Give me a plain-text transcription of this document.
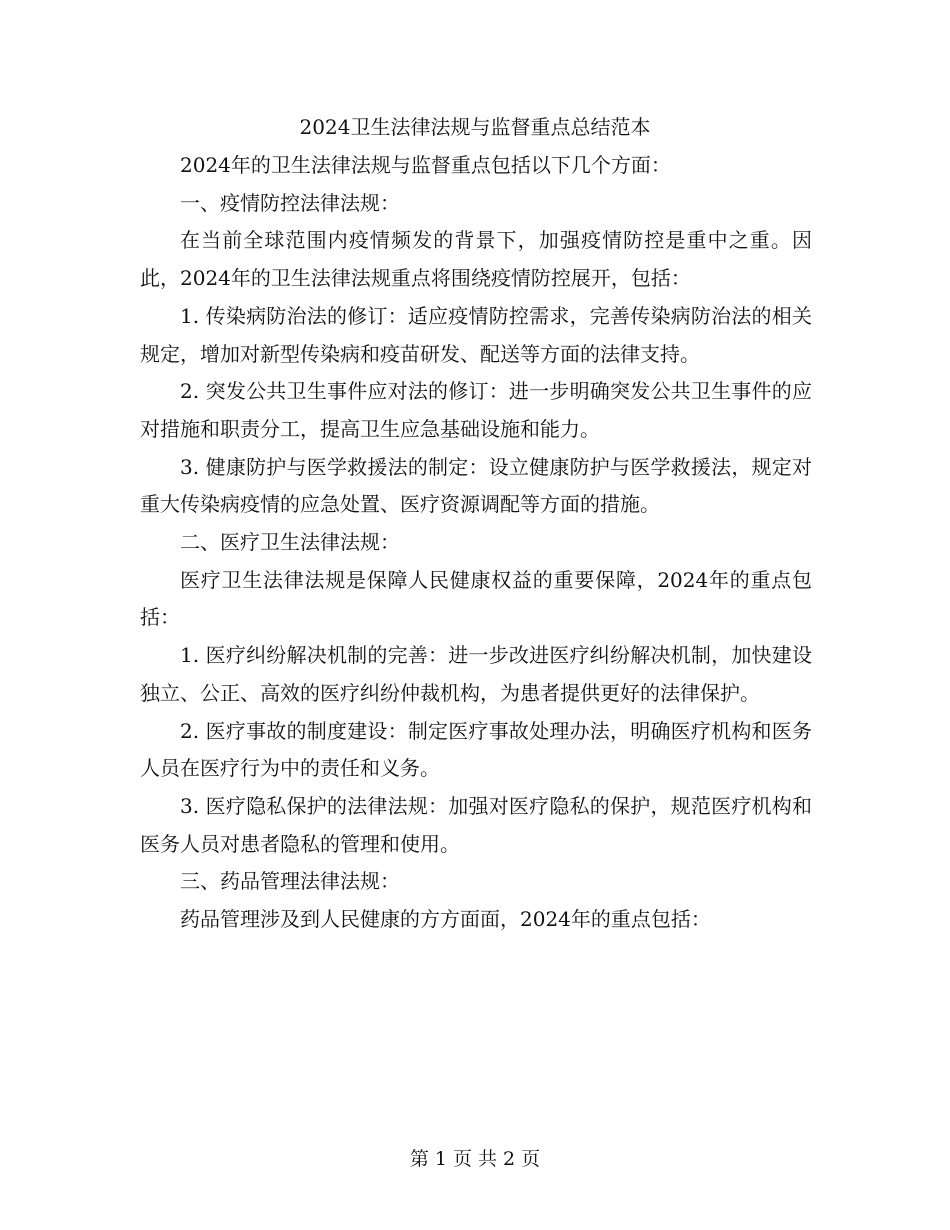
2024卫生法律法规与监督重点总结范本

2024年的卫生法律法规与监督重点包括以下几个方面：

一、疫情防控法律法规：

在当前全球范围内疫情频发的背景下，加强疫情防控是重中之重。因此，2024年的卫生法律法规重点将围绕疫情防控展开，包括：

1. 传染病防治法的修订：适应疫情防控需求，完善传染病防治法的相关规定，增加对新型传染病和疫苗研发、配送等方面的法律支持。

2. 突发公共卫生事件应对法的修订：进一步明确突发公共卫生事件的应对措施和职责分工，提高卫生应急基础设施和能力。

3. 健康防护与医学救援法的制定：设立健康防护与医学救援法，规定对重大传染病疫情的应急处置、医疗资源调配等方面的措施。

二、医疗卫生法律法规：

医疗卫生法律法规是保障人民健康权益的重要保障，2024年的重点包括：

1. 医疗纠纷解决机制的完善：进一步改进医疗纠纷解决机制，加快建设独立、公正、高效的医疗纠纷仲裁机构，为患者提供更好的法律保护。

2. 医疗事故的制度建设：制定医疗事故处理办法，明确医疗机构和医务人员在医疗行为中的责任和义务。

3. 医疗隐私保护的法律法规：加强对医疗隐私的保护，规范医疗机构和医务人员对患者隐私的管理和使用。

三、药品管理法律法规：

药品管理涉及到人民健康的方方面面，2024年的重点包括：

第 1 页 共 2 页
